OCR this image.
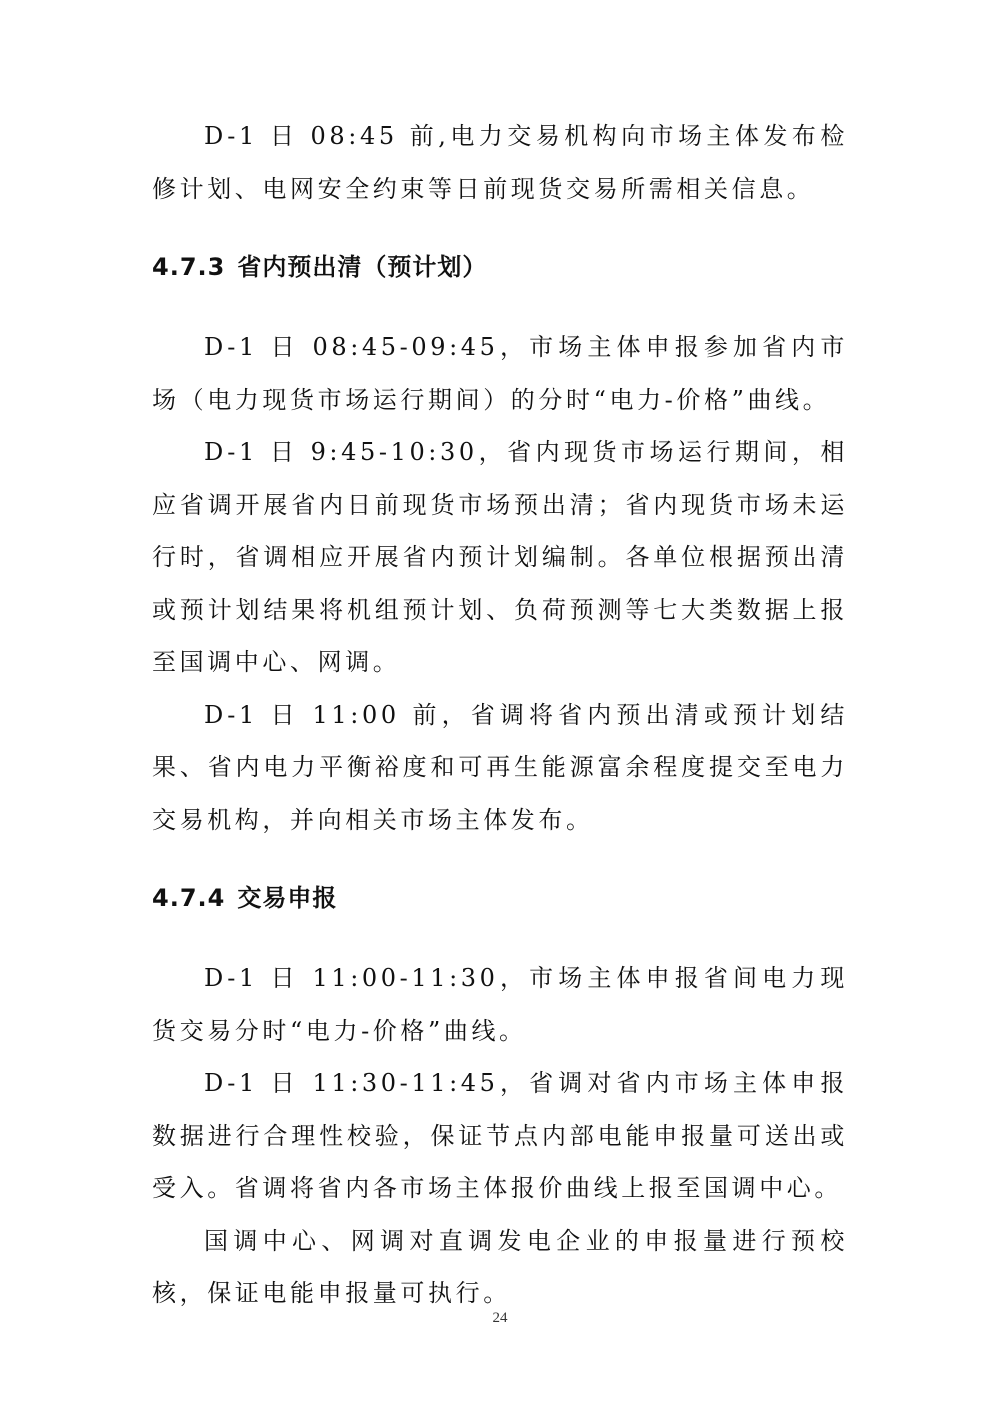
D-1 日 08:45 前,电力交易机构向市场主体发布检修计划、电网安全约束等日前现货交易所需相关信息。

4.7.3 省内预出清（预计划）

D-1 日 08:45-09:45，市场主体申报参加省内市场（电力现货市场运行期间）的分时“电力-价格”曲线。

D-1 日 9:45-10:30，省内现货市场运行期间，相应省调开展省内日前现货市场预出清；省内现货市场未运行时，省调相应开展省内预计划编制。各单位根据预出清或预计划结果将机组预计划、负荷预测等七大类数据上报至国调中心、网调。

D-1 日 11:00 前，省调将省内预出清或预计划结果、省内电力平衡裕度和可再生能源富余程度提交至电力交易机构，并向相关市场主体发布。

4.7.4 交易申报

D-1 日 11:00-11:30，市场主体申报省间电力现货交易分时“电力-价格”曲线。

D-1 日 11:30-11:45，省调对省内市场主体申报数据进行合理性校验，保证节点内部电能申报量可送出或受入。省调将省内各市场主体报价曲线上报至国调中心。

国调中心、网调对直调发电企业的申报量进行预校核，保证电能申报量可执行。

24
